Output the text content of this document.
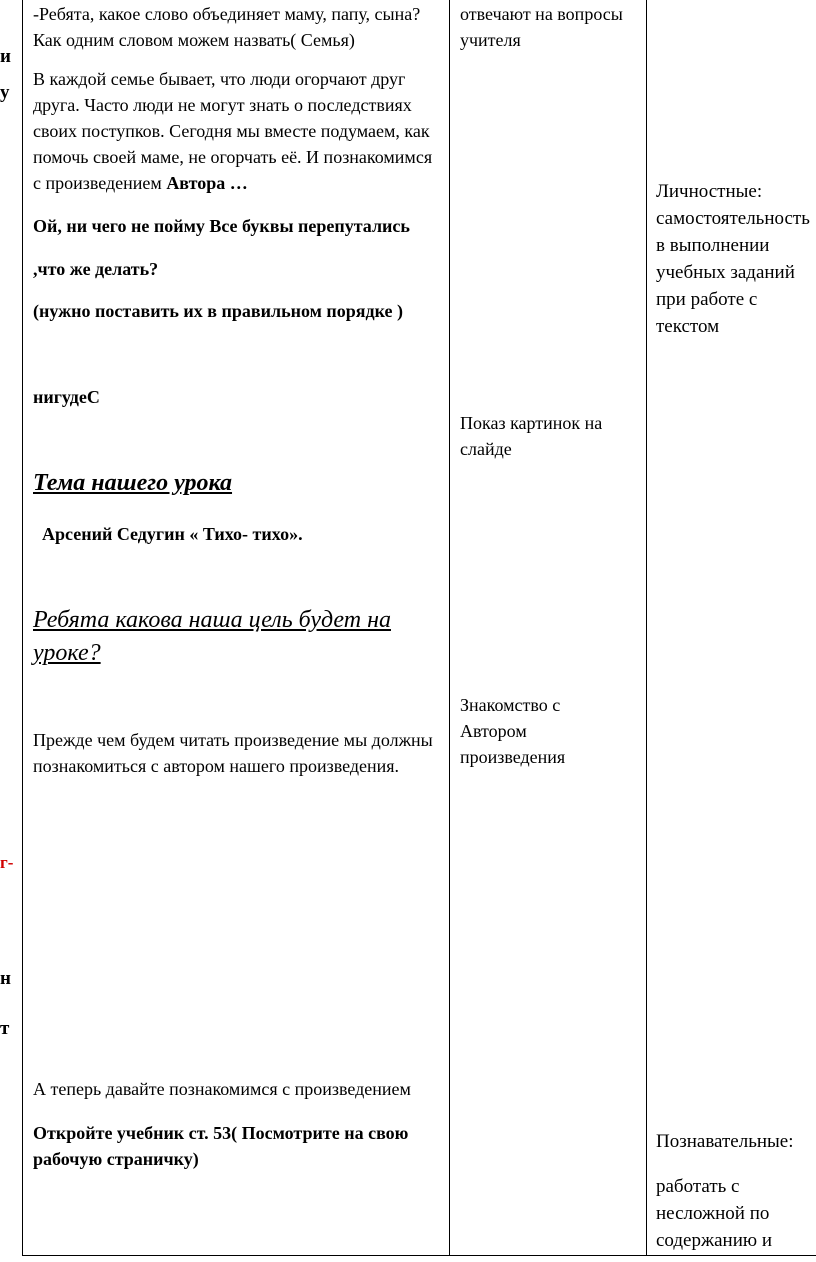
и
у
г-
н
т
-Ребята, какое слово объединяет маму, папу, сына? Как одним словом можем назвать( Семья)
В каждой семье бывает, что люди огорчают друг друга. Часто люди не могут знать о последствиях своих поступков. Сегодня мы вместе подумаем, как помочь своей маме, не огорчать её. И познакомимся с произведением Автора …
Ой, ни чего не пойму Все буквы перепутались
,что же делать?
(нужно поставить их в правильном порядке )
нигудеС
Тема нашего урока
Арсений Седугин « Тихо- тихо».
Ребята какова наша цель будет на уроке?
Прежде чем будем читать произведение мы должны познакомиться с автором нашего произведения.
А теперь давайте познакомимся с произведением
Откройте учебник ст. 53( Посмотрите на свою рабочую страничку)
отвечают на вопросы
учителя
Показ картинок на
слайде
Знакомство с
Автором
произведения
Личностные:
самостоятельность
в выполнении
учебных заданий
при работе с
текстом
Познавательные:
работать с
несложной по
содержанию и
